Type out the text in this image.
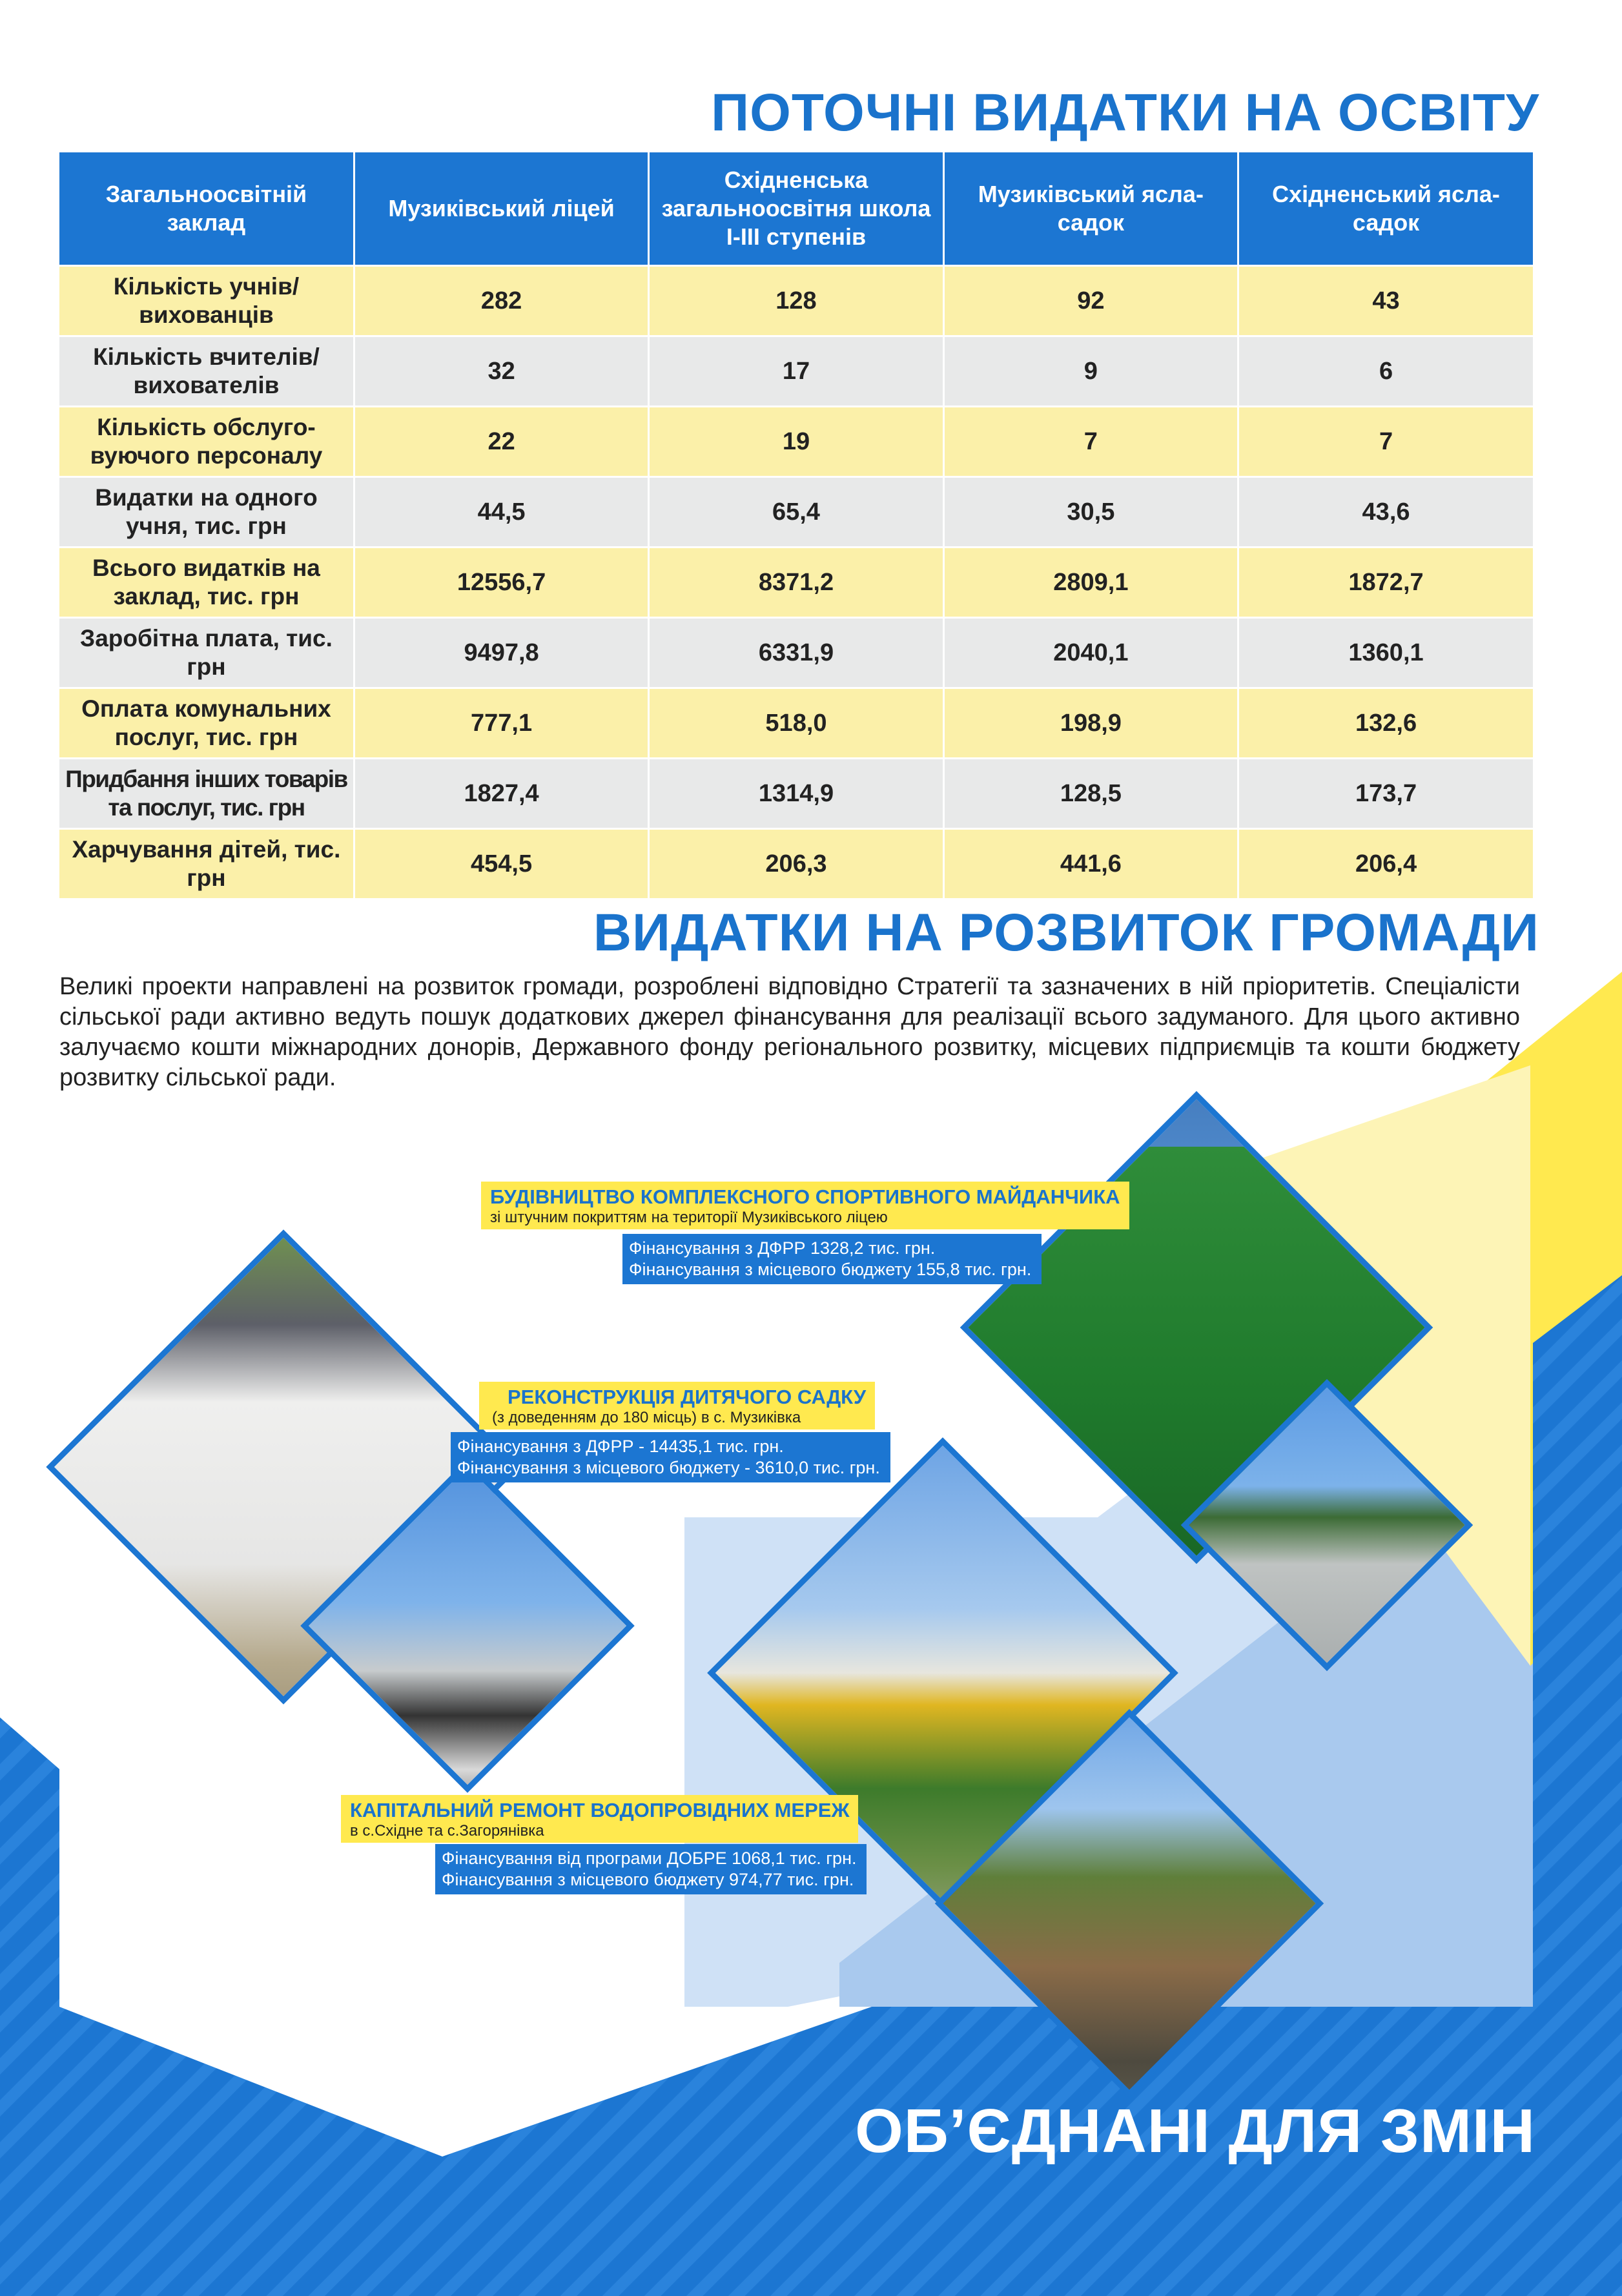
ПОТОЧНІ ВИДАТКИ НА ОСВІТУ
Загальноосвітній заклад	Музиківський ліцей	Східненська загальноосвітня школа І-ІІІ ступенів	Музиківський ясла-садок	Східненський ясла-садок
Кількість учнів/вихованців	282	128	92	43
Кількість вчителів/ вихователів	32	17	9	6
Кількість обслуго-вуючого персоналу	22	19	7	7
Видатки на одного учня, тис. грн	44,5	65,4	30,5	43,6
Всього видатків на заклад, тис. грн	12556,7	8371,2	2809,1	1872,7
Заробітна плата, тис. грн	9497,8	6331,9	2040,1	1360,1
Оплата комунальних послуг, тис. грн	777,1	518,0	198,9	132,6
Придбання інших товарів та послуг, тис. грн	1827,4	1314,9	128,5	173,7
Харчування дітей, тис. грн	454,5	206,3	441,6	206,4
ВИДАТКИ НА РОЗВИТОК ГРОМАДИ

Великі проекти направлені на розвиток громади, розроблені відповідно Стратегії та зазначених в ній пріоритетів. Спеціалісти сільської ради активно ведуть пошук додаткових джерел фінансування для реалізації всього задуманого. Для цього активно залучаємо кошти міжнародних донорів, Державного фонду регіонального розвитку, місцевих підприємців та кошти бюджету розвитку сільської ради.

БУДІВНИЦТВО КОМПЛЕКСНОГО СПОРТИВНОГО МАЙДАНЧИКА
зі штучним покриттям на території Музиківського ліцею
Фінансування з ДФРР 1328,2 тис. грн.
Фінансування з місцевого бюджету 155,8 тис. грн.
РЕКОНСТРУКЦІЯ ДИТЯЧОГО САДКУ
(з доведенням до 180 місць) в с. Музиківка
Фінансування з ДФРР - 14435,1 тис. грн.
Фінансування з місцевого бюджету - 3610,0 тис. грн.
КАПІТАЛЬНИЙ РЕМОНТ ВОДОПРОВІДНИХ МЕРЕЖ
в с.Східне та с.Загорянівка
Фінансування від програми ДОБРЕ 1068,1 тис. грн.
Фінансування з місцевого бюджету 974,77 тис. грн.
ОБ’ЄДНАНІ ДЛЯ ЗМІН
